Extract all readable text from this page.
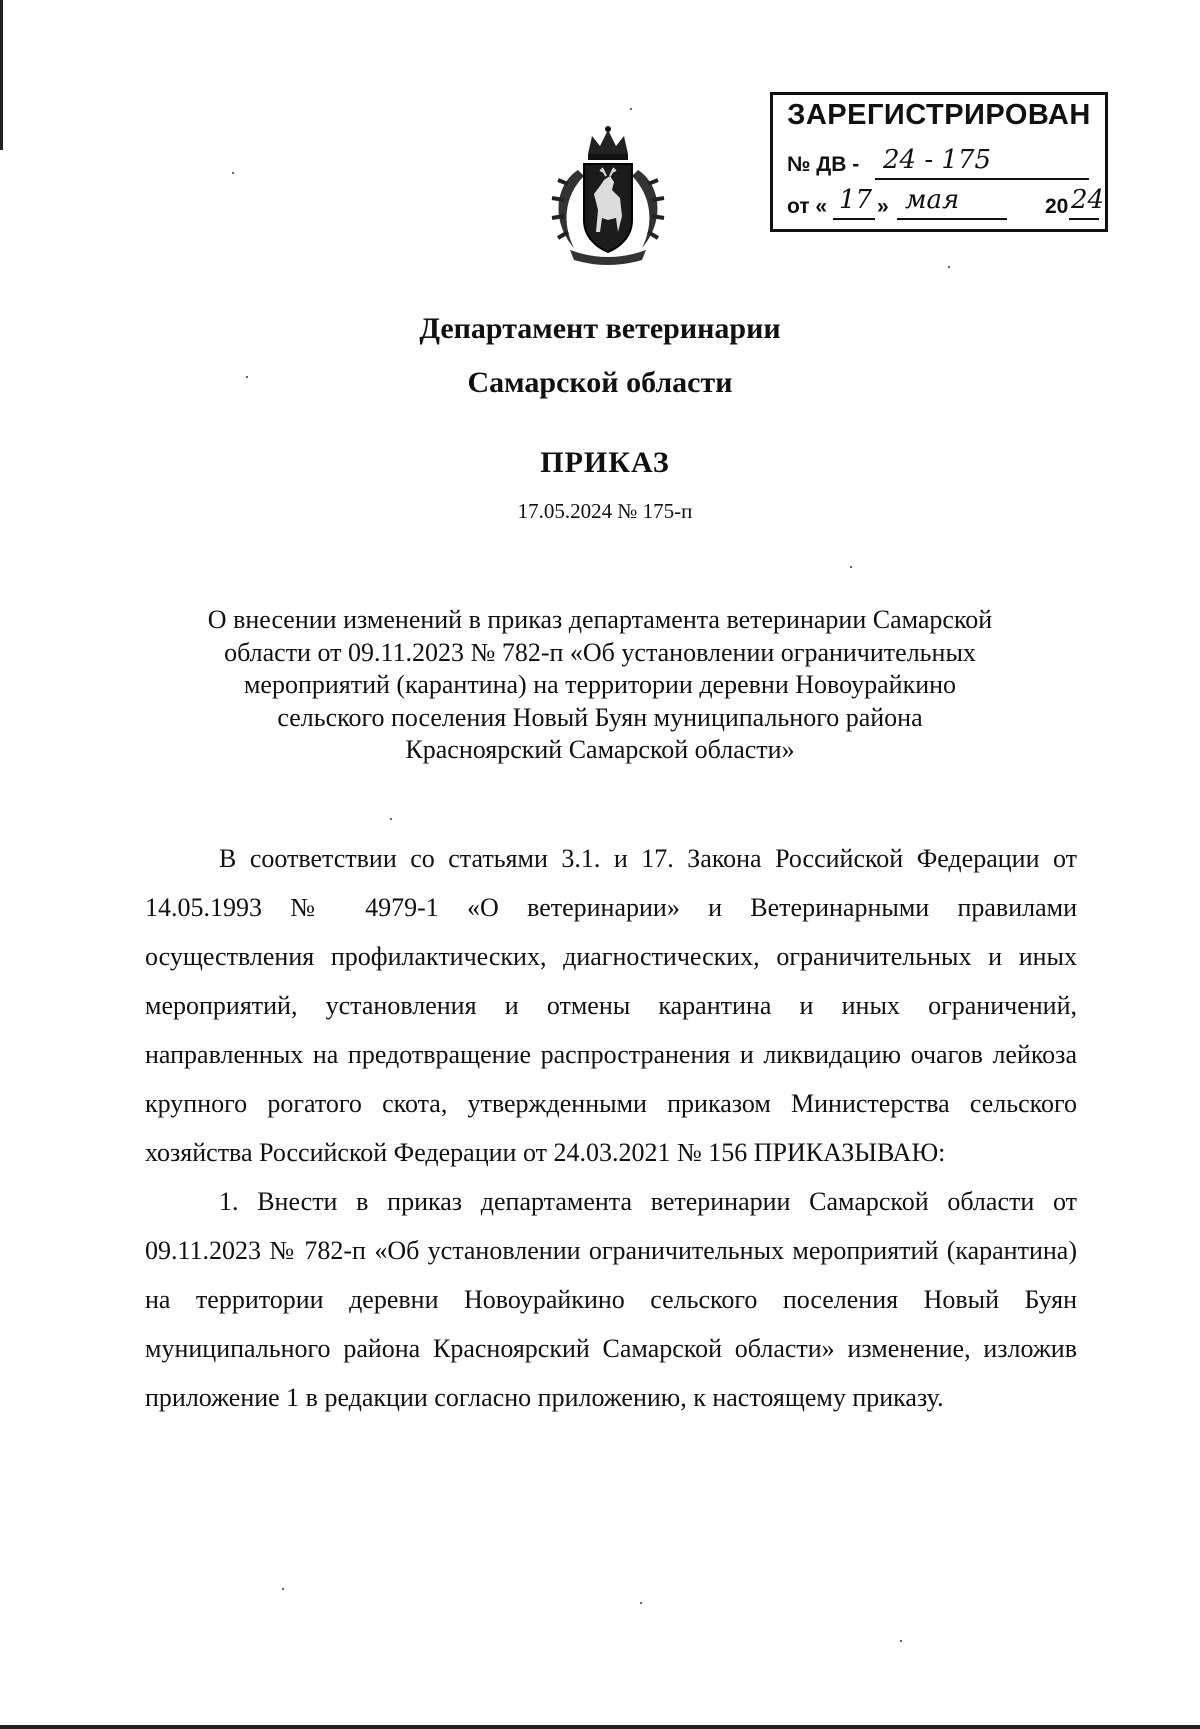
ЗАРЕГИСТРИРОВАН
№ ДВ - 24 - 175
от « 17 » мая	20 24
Департамент ветеринарии
Самарской области
ПРИКАЗ
17.05.2024 № 175-п
О внесении изменений в приказ департамента ветеринарии Самарской области от 09.11.2023 № 782-п «Об установлении ограничительных мероприятий (карантина) на территории деревни Новоурайкино сельского поселения Новый Буян муниципального района Красноярский Самарской области»

В соответствии со статьями 3.1. и 17. Закона Российской Федерации от 14.05.1993 № 4979-1 «О ветеринарии» и Ветеринарными правилами осуществления профилактических, диагностических, ограничительных и иных мероприятий, установления и отмены карантина и иных ограничений, направленных на предотвращение распространения и ликвидацию очагов лейкоза крупного рогатого скота, утвержденными приказом Министерства сельского хозяйства Российской Федерации от 24.03.2021 № 156 ПРИКАЗЫВАЮ:

1. Внести в приказ департамента ветеринарии Самарской области от 09.11.2023 № 782-п «Об установлении ограничительных мероприятий (карантина) на территории деревни Новоурайкино сельского поселения Новый Буян муниципального района Красноярский Самарской области» изменение, изложив приложение 1 в редакции согласно приложению, к настоящему приказу.
